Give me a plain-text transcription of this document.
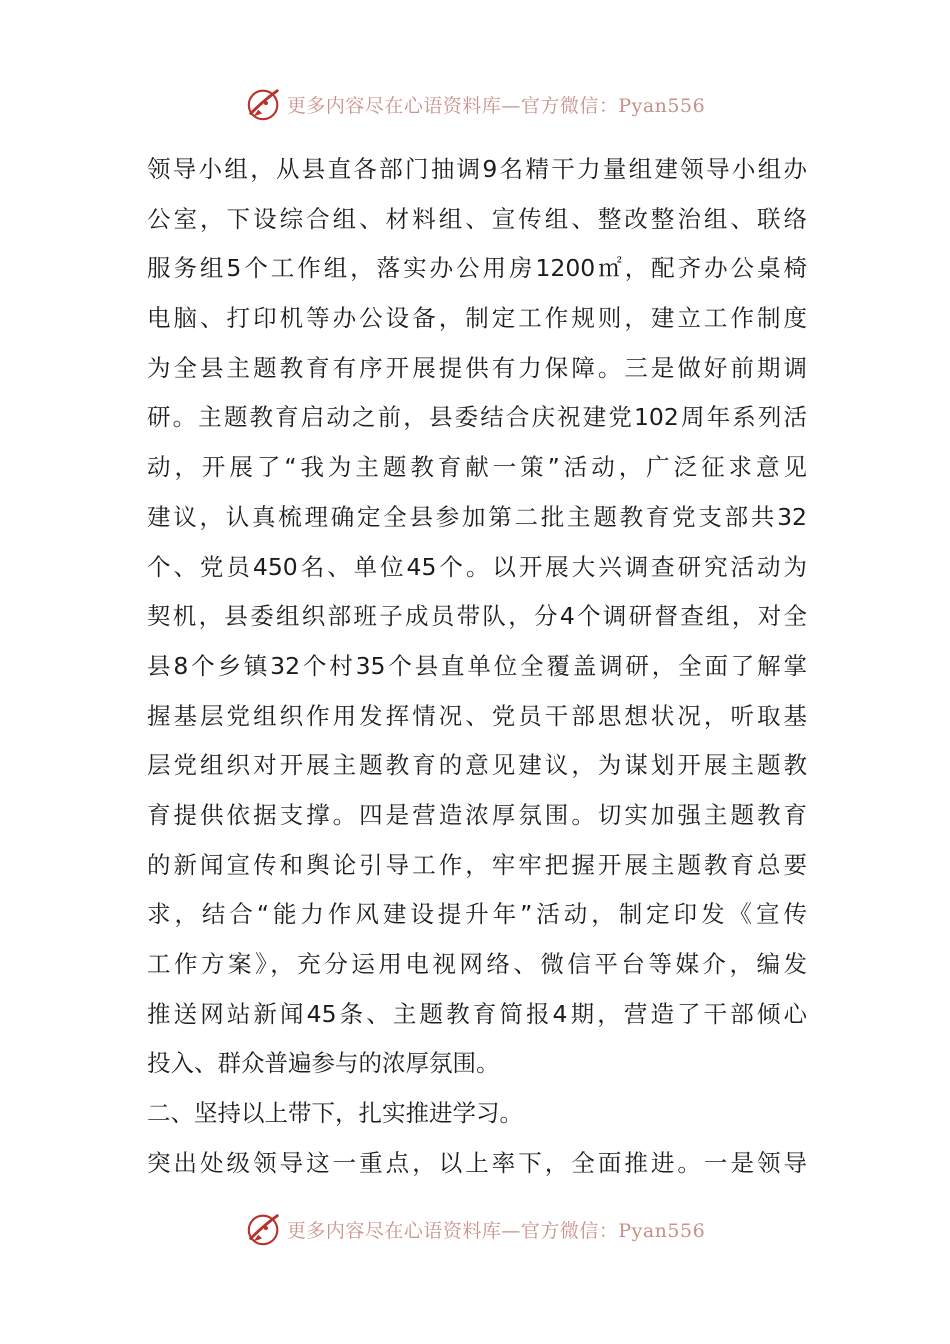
更多内容尽在心语资料库—官方微信：Pyan556
领导小组，从县直各部门抽调9名精干力量组建领导小组办
公室，下设综合组、材料组、宣传组、整改整治组、联络
服务组5个工作组，落实办公用房1200㎡，配齐办公桌椅
电脑、打印机等办公设备，制定工作规则，建立工作制度
为全县主题教育有序开展提供有力保障。三是做好前期调
研。主题教育启动之前，县委结合庆祝建党102周年系列活
动，开展了“我为主题教育献一策”活动，广泛征求意见
建议，认真梳理确定全县参加第二批主题教育党支部共32
个、党员450名、单位45个。以开展大兴调查研究活动为
契机，县委组织部班子成员带队，分4个调研督查组，对全
县8个乡镇32个村35个县直单位全覆盖调研，全面了解掌
握基层党组织作用发挥情况、党员干部思想状况，听取基
层党组织对开展主题教育的意见建议，为谋划开展主题教
育提供依据支撑。四是营造浓厚氛围。切实加强主题教育
的新闻宣传和舆论引导工作，牢牢把握开展主题教育总要
求，结合“能力作风建设提升年”活动，制定印发《宣传
工作方案》，充分运用电视网络、微信平台等媒介，编发
推送网站新闻45条、主题教育简报4期，营造了干部倾心
投入、群众普遍参与的浓厚氛围。
二、坚持以上带下，扎实推进学习。
突出处级领导这一重点，以上率下，全面推进。一是领导
更多内容尽在心语资料库—官方微信：Pyan556
